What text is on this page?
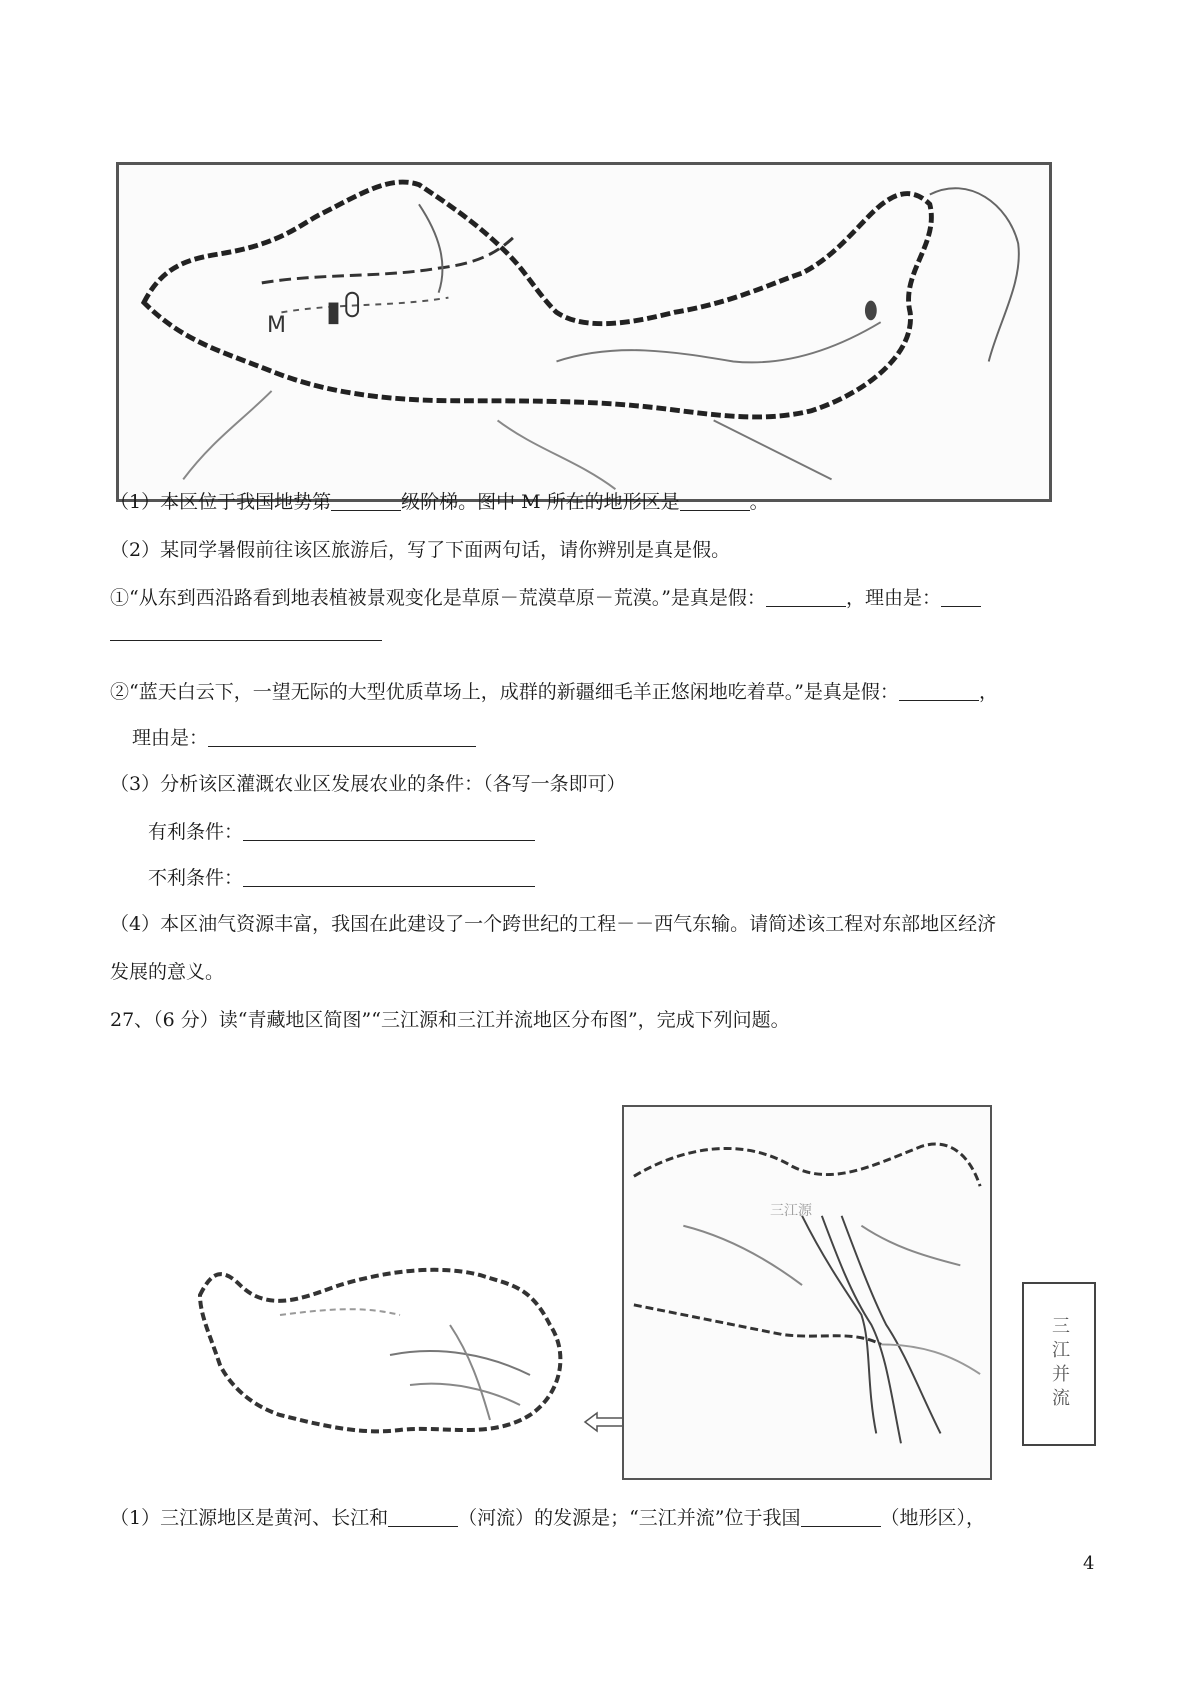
M
（1）本区位于我国地势第	级阶梯。图中 M 所在的地形区是	。
（2）某同学暑假前往该区旅游后，写了下面两句话，请你辨别是真是假。
①“从东到西沿路看到地表植被景观变化是草原－荒漠草原－荒漠。”是真是假：	，理由是：
②“蓝天白云下，一望无际的大型优质草场上，成群的新疆细毛羊正悠闲地吃着草。”是真是假：	，
理由是：
（3）分析该区灌溉农业区发展农业的条件：（各写一条即可）
有利条件：
不利条件：
（4）本区油气资源丰富，我国在此建设了一个跨世纪的工程－－西气东输。请简述该工程对东部地区经济
发展的意义。
27、（6 分）读“青藏地区简图”“三江源和三江并流地区分布图”，完成下列问题。
三江源
三江并流
（1）三江源地区是黄河、长江和	（河流）的发源是；“三江并流”位于我国	（地形区），
4
